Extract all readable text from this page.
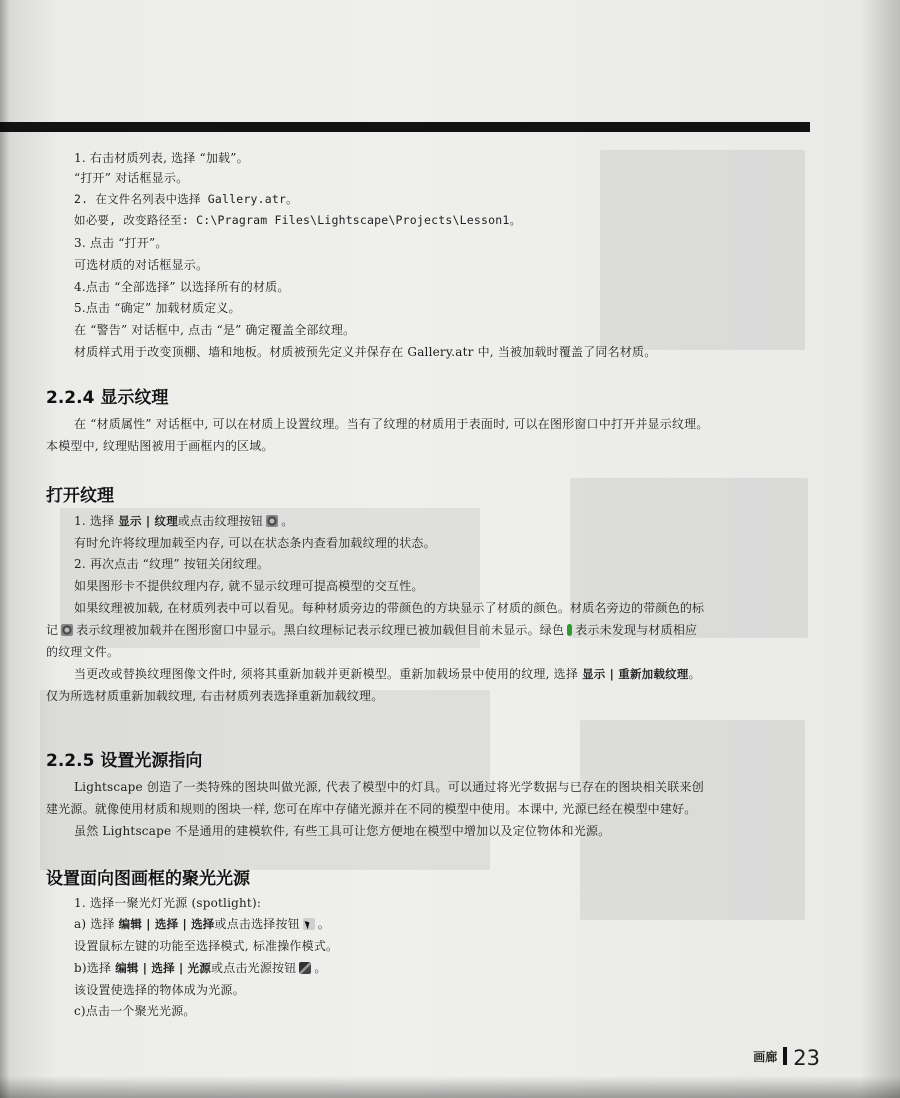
1. 右击材质列表, 选择 “加载”。
“打开” 对话框显示。
2. 在文件名列表中选择 Gallery.atr。
如必要, 改变路径至: C:\Pragram Files\Lightscape\Projects\Lesson1。
3. 点击 “打开”。
可选材质的对话框显示。
4.点击 “全部选择” 以选择所有的材质。
5.点击 “确定” 加载材质定义。
在 “警告” 对话框中, 点击 “是” 确定覆盖全部纹理。
材质样式用于改变顶棚、墙和地板。材质被预先定义并保存在 Gallery.atr 中, 当被加载时覆盖了同名材质。
2.2.4 显示纹理
在 “材质属性” 对话框中, 可以在材质上设置纹理。当有了纹理的材质用于表面时, 可以在图形窗口中打开并显示纹理。
本模型中, 纹理贴图被用于画框内的区域。
打开纹理
1. 选择 显示 | 纹理或点击纹理按钮 。
有时允许将纹理加载至内存, 可以在状态条内查看加载纹理的状态。
2. 再次点击 “纹理” 按钮关闭纹理。
如果图形卡不提供纹理内存, 就不显示纹理可提高模型的交互性。
如果纹理被加载, 在材质列表中可以看见。每种材质旁边的带颜色的方块显示了材质的颜色。材质名旁边的带颜色的标
记 表示纹理被加载并在图形窗口中显示。黑白纹理标记表示纹理已被加载但目前未显示。绿色 表示未发现与材质相应
的纹理文件。
当更改或替换纹理图像文件时, 须将其重新加载并更新模型。重新加载场景中使用的纹理, 选择 显示 | 重新加载纹理。
仅为所选材质重新加载纹理, 右击材质列表选择重新加载纹理。
2.2.5 设置光源指向
Lightscape 创造了一类特殊的图块叫做光源, 代表了模型中的灯具。可以通过将光学数据与已存在的图块相关联来创
建光源。就像使用材质和规则的图块一样, 您可在库中存储光源并在不同的模型中使用。本课中, 光源已经在模型中建好。
虽然 Lightscape 不是通用的建模软件, 有些工具可让您方便地在模型中增加以及定位物体和光源。
设置面向图画框的聚光光源
1. 选择一聚光灯光源 (spotlight):
a) 选择 编辑 | 选择 | 选择或点击选择按钮 。
设置鼠标左键的功能至选择模式, 标准操作模式。
b)选择 编辑 | 选择 | 光源或点击光源按钮 。
该设置使选择的物体成为光源。
c)点击一个聚光光源。
$^{画廊}$ 23
